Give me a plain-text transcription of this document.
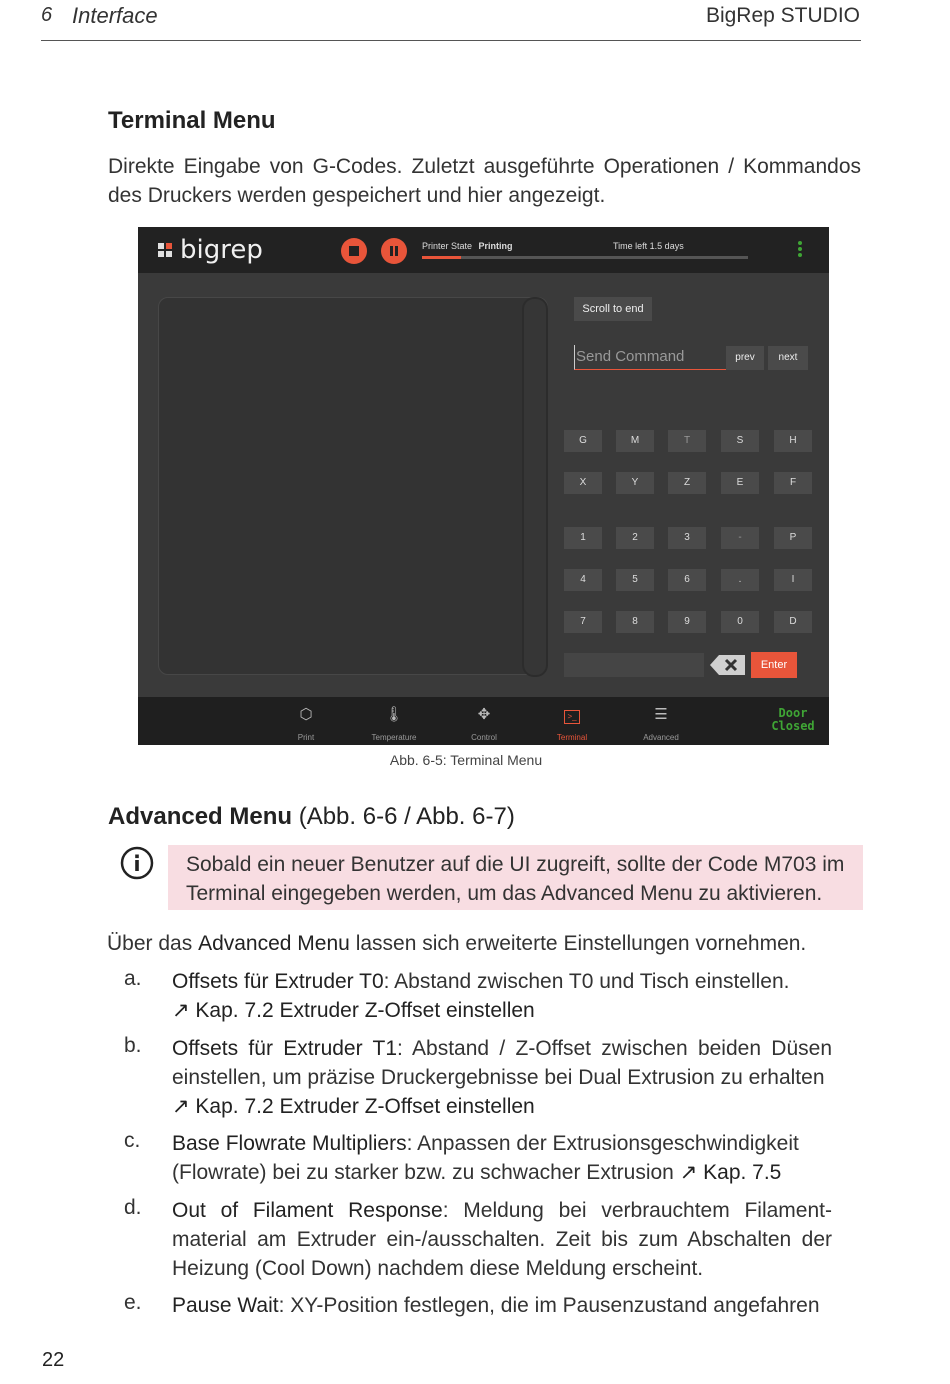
6 Interface	BigRep STUDIO
Terminal Menu
Direkte Eingabe von G-Codes. Zuletzt ausgeführte Operationen / Kommandos des Druckers werden gespeichert und hier angezeigt.
bigrep	Printer State Printing	Time left 1.5 days
Scroll to end
Send Command	prev	next
G	M	T	S	H
X	Y	Z	E	F
1	2	3	-	P
4	5	6	.	I
7	8	9	0	D
Enter
⬡
Print
🌡︎
Temperature
✥
Control
>_
Terminal
☰
Advanced
Door
Closed
Abb. 6-5: Terminal Menu
Advanced Menu (Abb. 6-6 / Abb. 6-7)
Sobald ein neuer Benutzer auf die UI zugreift, sollte der Code M703 im Terminal eingegeben werden, um das Advanced Menu zu aktivieren.
Über das Advanced Menu lassen sich erweiterte Einstellungen vornehmen.
a. Offsets für Extruder T0: Abstand zwischen T0 und Tisch einstellen.
↗ Kap. 7.2 Extruder Z-Offset einstellen
b. Offsets für Extruder T1: Abstand / Z-Offset zwischen beiden Düsen einstellen, um präzise Druckergebnisse bei Dual Extrusion zu erhalten
↗ Kap. 7.2 Extruder Z-Offset einstellen
c. Base Flowrate Multipliers: Anpassen der Extrusionsgeschwindigkeit (Flowrate) bei zu starker bzw. zu schwacher Extrusion ↗ Kap. 7.5
d. Out of Filament Response: Meldung bei verbrauchtem Filamentmaterial am Extruder ein-/ausschalten. Zeit bis zum Abschalten der Heizung (Cool Down) nachdem diese Meldung erscheint.
e. Pause Wait: XY-Position festlegen, die im Pausenzustand angefahren
22
